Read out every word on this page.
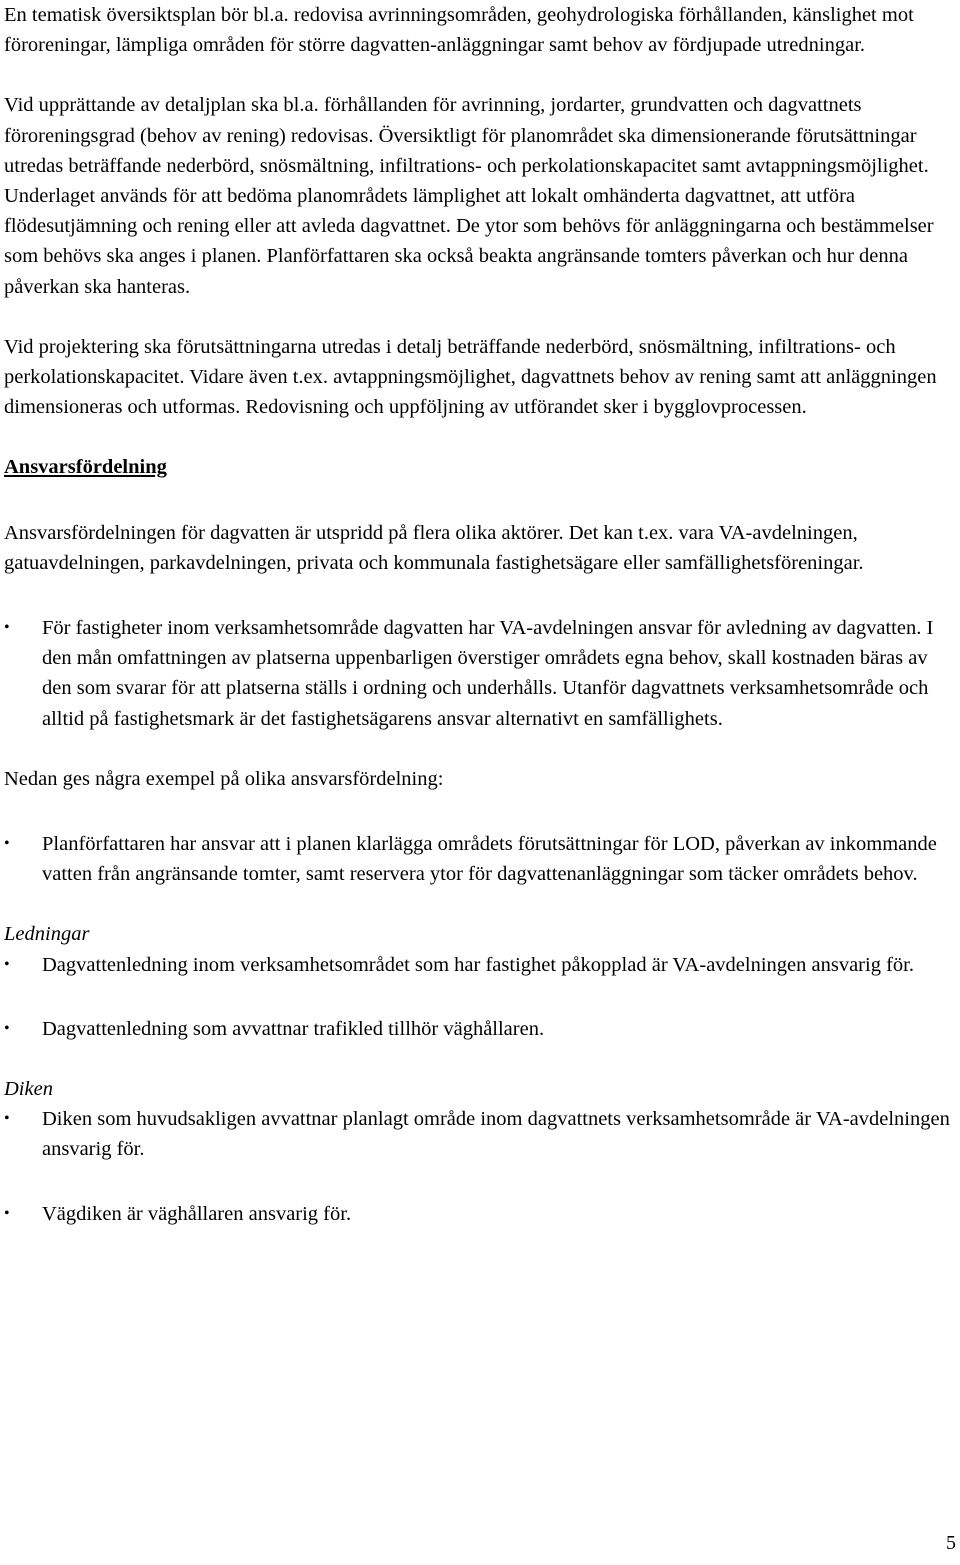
En tematisk översiktsplan bör bl.a. redovisa avrinningsområden, geohydrologiska förhållanden, känslighet mot föroreningar, lämpliga områden för större dagvatten-anläggningar samt behov av fördjupade utredningar.

Vid upprättande av detaljplan ska bl.a. förhållanden för avrinning, jordarter, grundvatten och dagvattnets föroreningsgrad (behov av rening) redovisas. Översiktligt för planområdet ska dimensionerande förutsättningar utredas beträffande nederbörd, snösmältning, infiltrations- och perkolationskapacitet samt avtappningsmöjlighet. Underlaget används för att bedöma planområdets lämplighet att lokalt omhänderta dagvattnet, att utföra flödesutjämning och rening eller att avleda dagvattnet. De ytor som behövs för anläggningarna och bestämmelser som behövs ska anges i planen. Planförfattaren ska också beakta angränsande tomters påverkan och hur denna påverkan ska hanteras.

Vid projektering ska förutsättningarna utredas i detalj beträffande nederbörd, snösmältning, infiltrations- och perkolationskapacitet. Vidare även t.ex. avtappningsmöjlighet, dagvattnets behov av rening samt att anläggningen dimensioneras och utformas. Redovisning och uppföljning av utförandet sker i bygglovprocessen.

Ansvarsfördelning

Ansvarsfördelningen för dagvatten är utspridd på flera olika aktörer. Det kan t.ex. vara VA-avdelningen, gatuavdelningen, parkavdelningen, privata och kommunala fastighetsägare eller samfällighetsföreningar.

•	För fastigheter inom verksamhetsområde dagvatten har VA-avdelningen ansvar för avledning av dagvatten. I den mån omfattningen av platserna uppenbarligen överstiger områdets egna behov, skall kostnaden bäras av den som svarar för att platserna ställs i ordning och underhålls. Utanför dagvattnets verksamhetsområde och alltid på fastighetsmark är det fastighetsägarens ansvar alternativt en samfällighets.

Nedan ges några exempel på olika ansvarsfördelning:

•	Planförfattaren har ansvar att i planen klarlägga områdets förutsättningar för LOD, påverkan av inkommande vatten från angränsande tomter, samt reservera ytor för dagvattenanläggningar som täcker områdets behov.

Ledningar

•	Dagvattenledning inom verksamhetsområdet som har fastighet påkopplad är VA-avdelningen ansvarig för.
•	Dagvattenledning som avvattnar trafikled tillhör väghållaren.

Diken

•	Diken som huvudsakligen avvattnar planlagt område inom dagvattnets verksamhetsområde är VA-avdelningen ansvarig för.
•	Vägdiken är väghållaren ansvarig för.
5
